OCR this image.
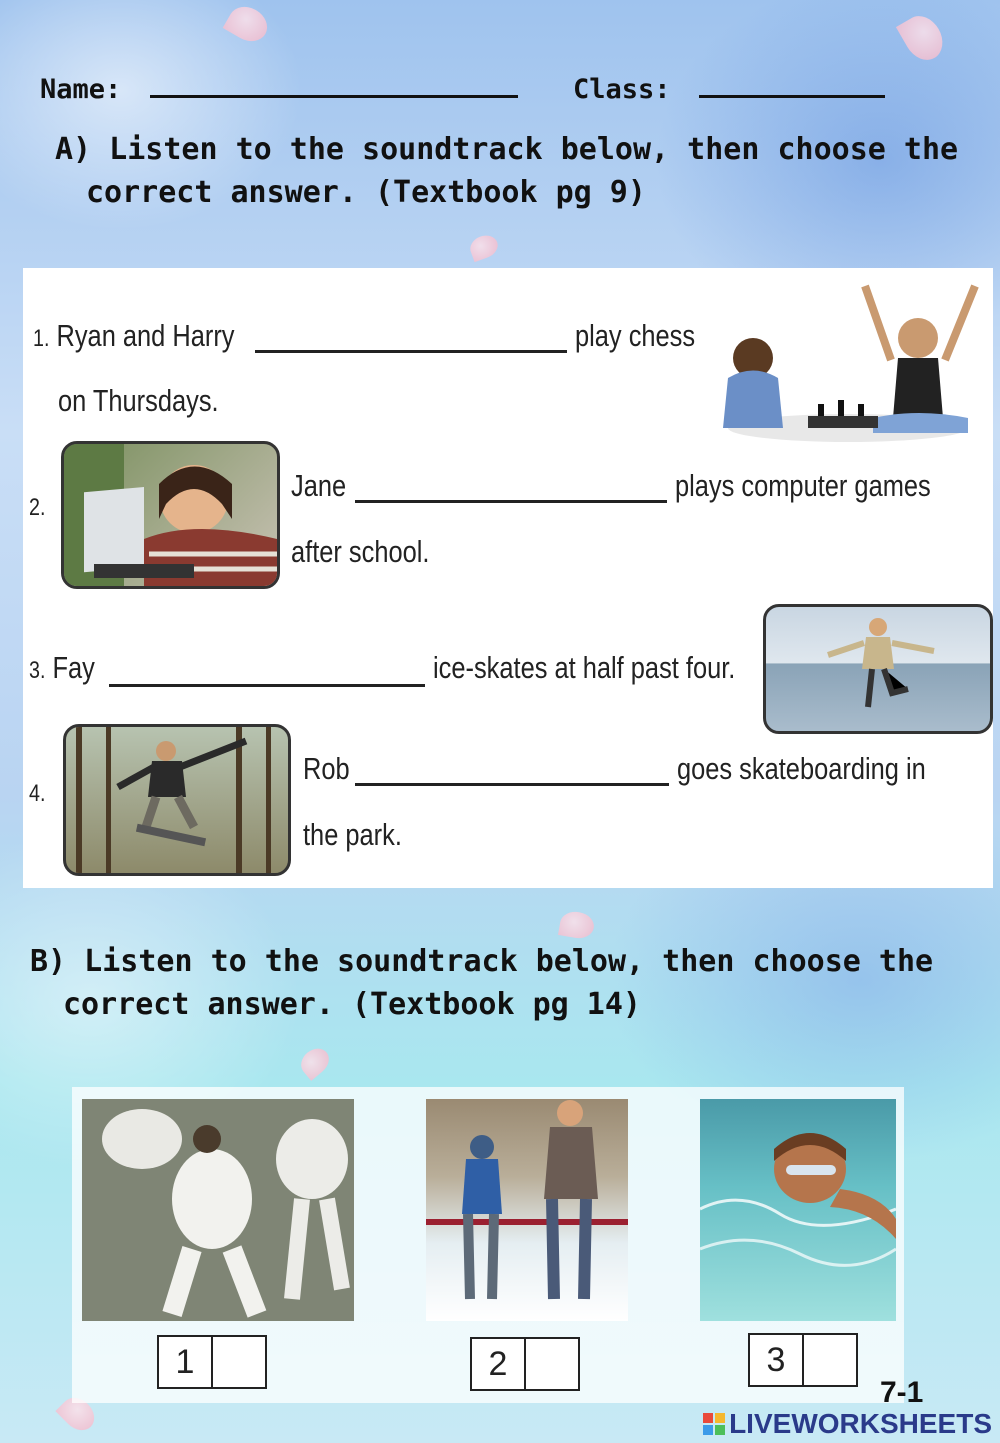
Name:	Class:
A) Listen to the soundtrack below, then choose the
correct answer. (Textbook pg 9)
1. Ryan and Harry	play chess
on Thursdays.
2.
Jane	plays computer games
after school.
3. Fay	ice-skates at half past four.
4.
Rob	goes skateboarding in
the park.
B) Listen to the soundtrack below, then choose the
correct answer. (Textbook pg 14)
1	2	3
7-1
LIVEWORKSHEETS
